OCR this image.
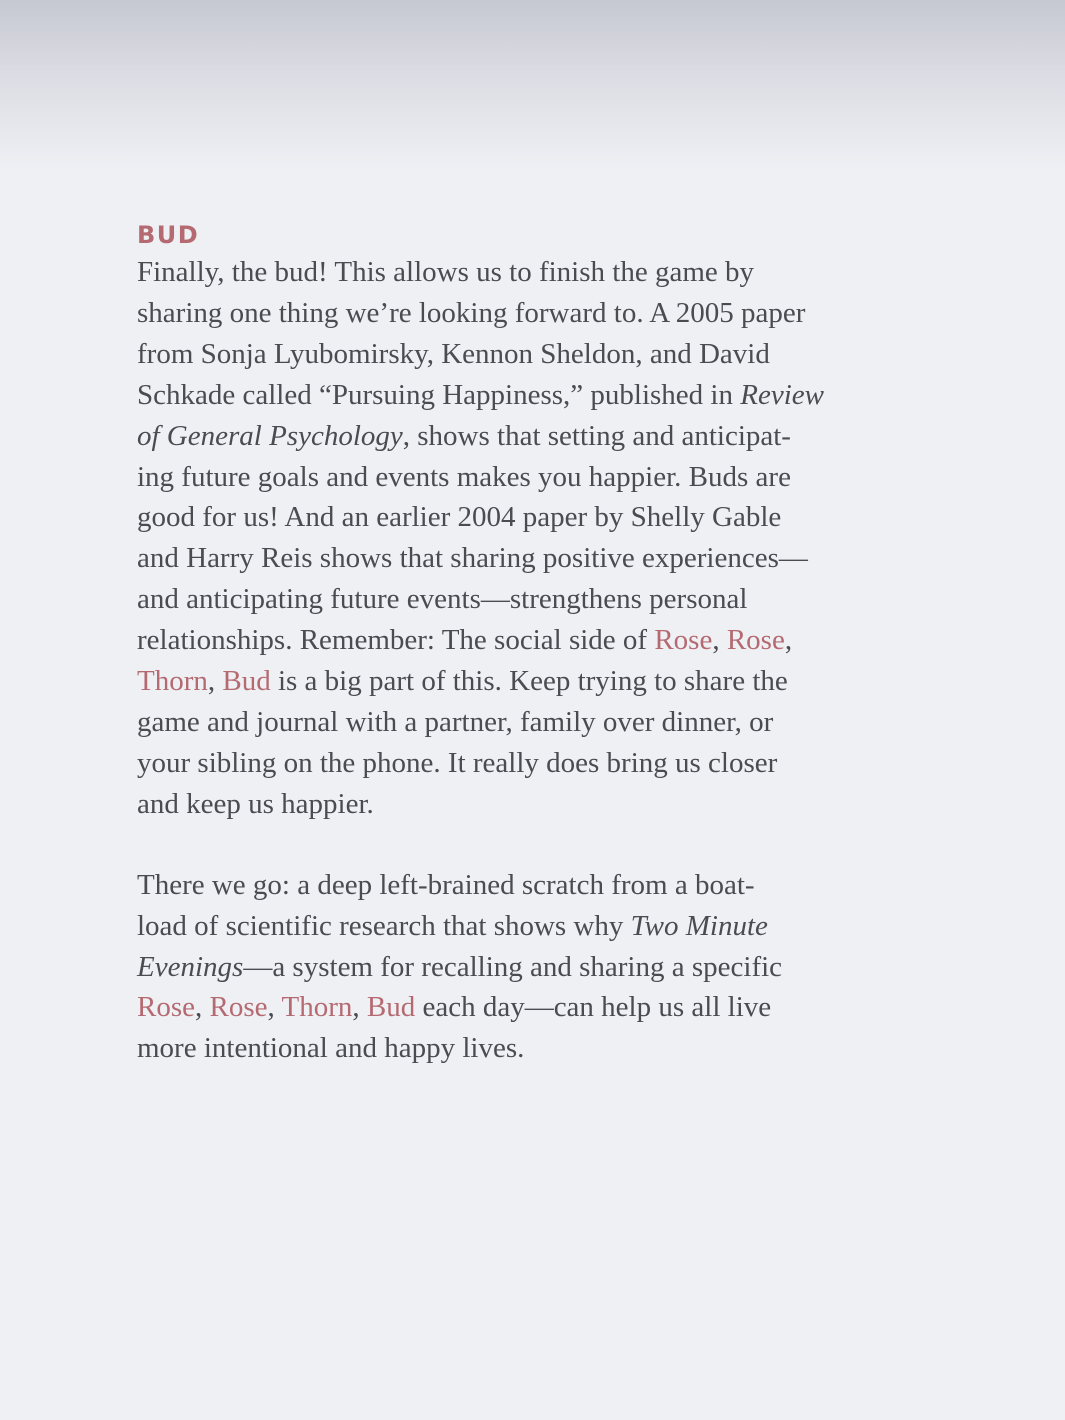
BUD

Finally, the bud! This allows us to finish the game by
sharing one thing we’re looking forward to. A 2005 paper
from Sonja Lyubomirsky, Kennon Sheldon, and David
Schkade called “Pursuing Happiness,” published in Review
of General Psychology, shows that setting and anticipat-
ing future goals and events makes you happier. Buds are
good for us! And an earlier 2004 paper by Shelly Gable
and Harry Reis shows that sharing positive experiences—
and anticipating future events—strengthens personal
relationships. Remember: The social side of Rose, Rose,
Thorn, Bud is a big part of this. Keep trying to share the
game and journal with a partner, family over dinner, or
your sibling on the phone. It really does bring us closer
and keep us happier.

There we go: a deep left-brained scratch from a boat-
load of scientific research that shows why Two Minute
Evenings—a system for recalling and sharing a specific
Rose, Rose, Thorn, Bud each day—can help us all live
more intentional and happy lives.
